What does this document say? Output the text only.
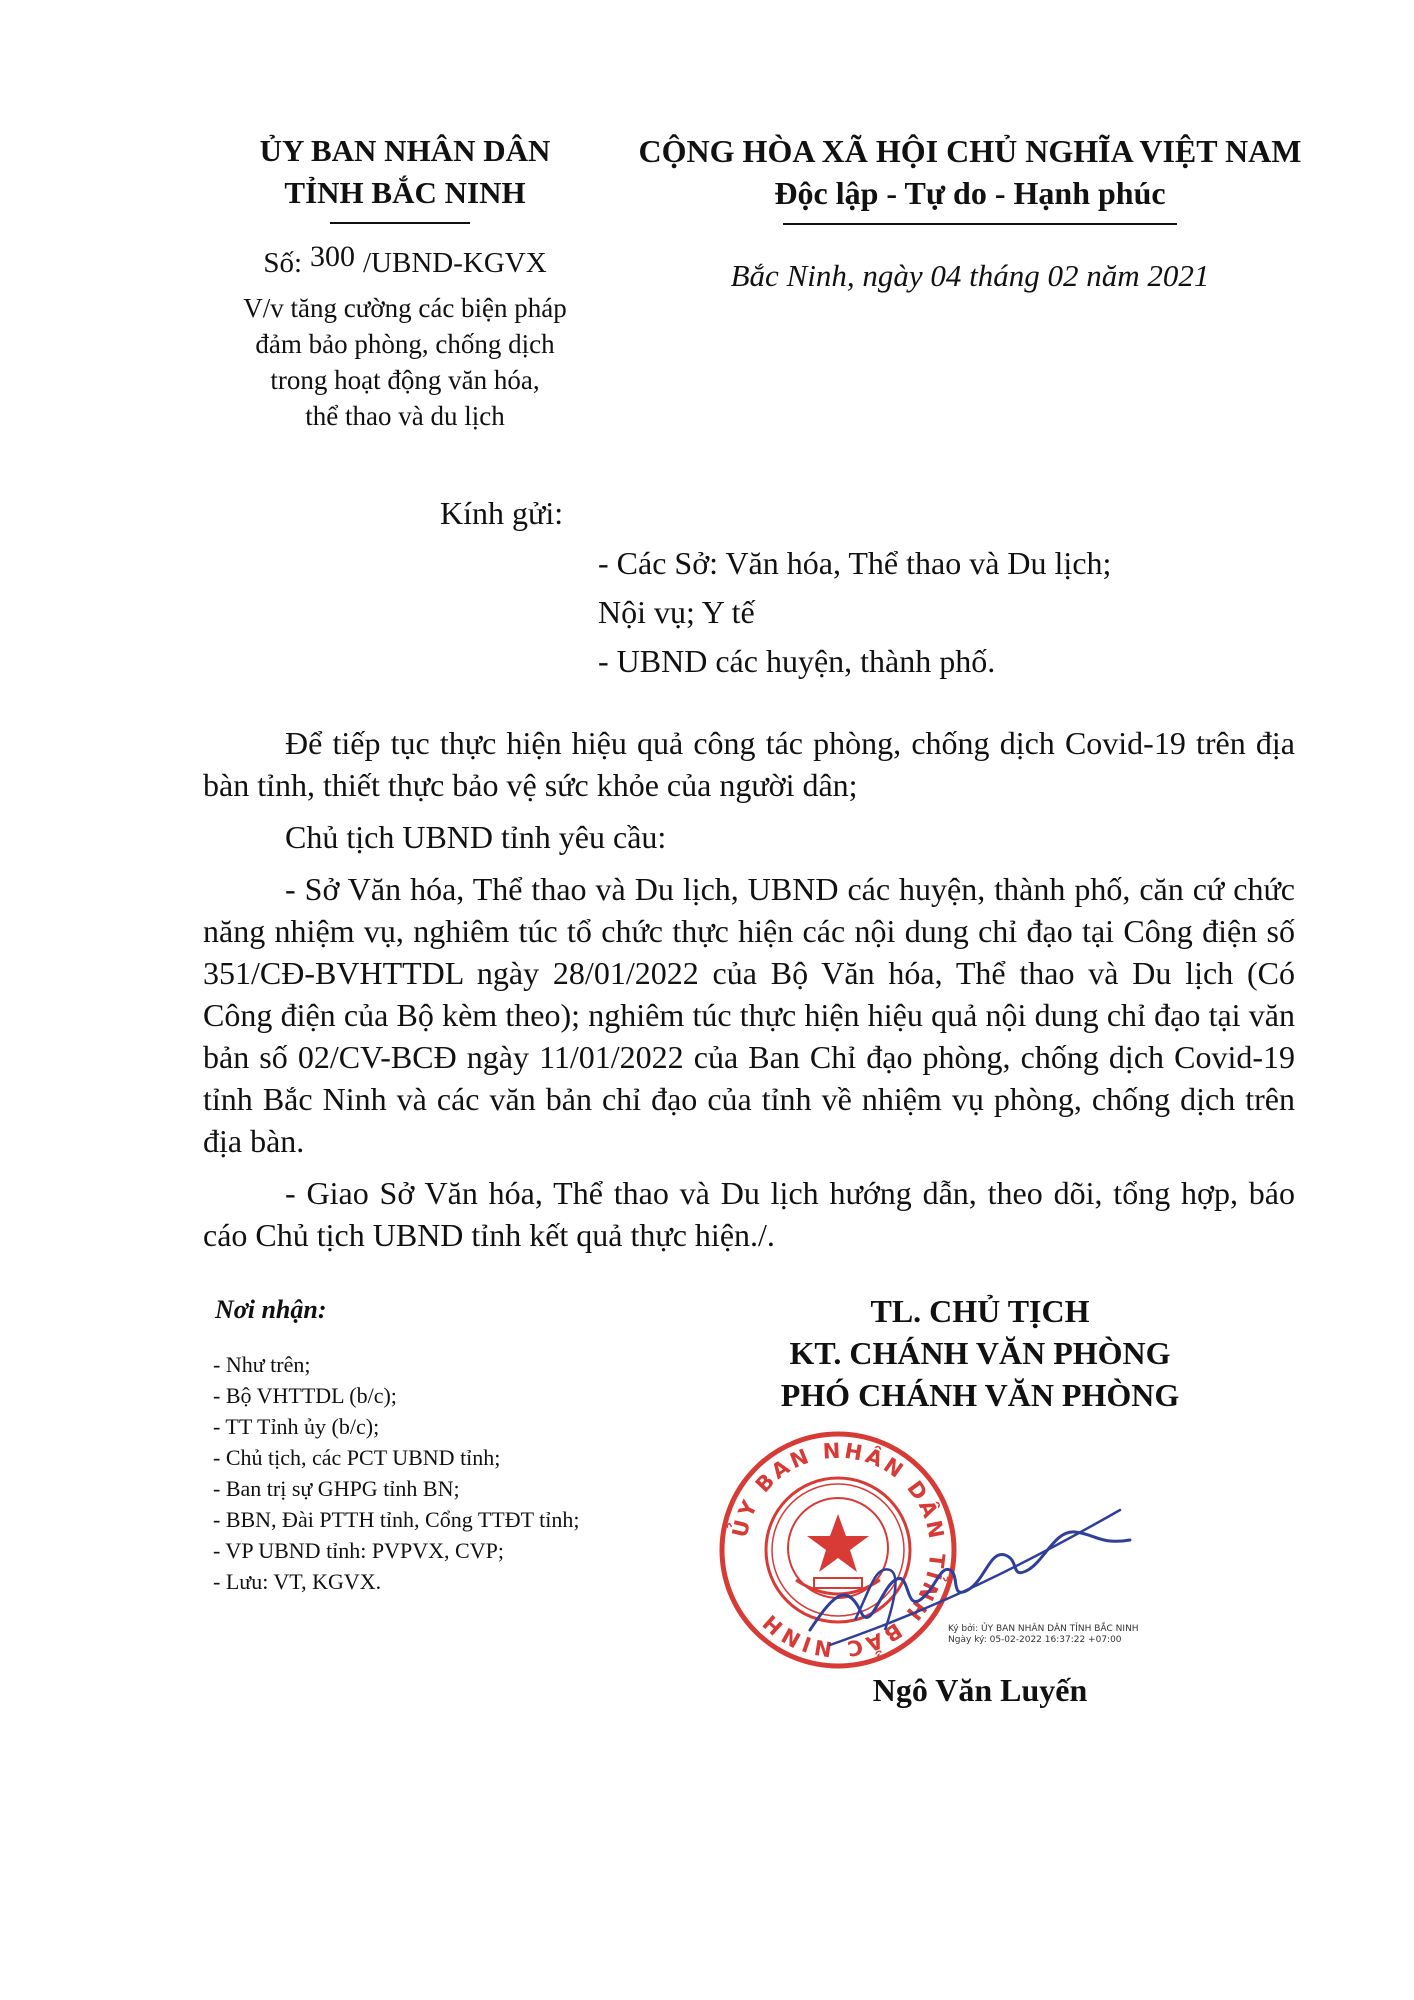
ỦY BAN NHÂN DÂN
TỈNH BẮC NINH
Số: 300 /UBND-KGVX
V/v tăng cường các biện pháp
đảm bảo phòng, chống dịch
trong hoạt động văn hóa,
thể thao và du lịch
CỘNG HÒA XÃ HỘI CHỦ NGHĨA VIỆT NAM
Độc lập - Tự do - Hạnh phúc
Bắc Ninh, ngày 04 tháng 02 năm 2021
Kính gửi:
- Các Sở: Văn hóa, Thể thao và Du lịch;
Nội vụ; Y tế
- UBND các huyện, thành phố.

Để tiếp tục thực hiện hiệu quả công tác phòng, chống dịch Covid-19 trên địa bàn tỉnh, thiết thực bảo vệ sức khỏe của người dân;

Chủ tịch UBND tỉnh yêu cầu:

- Sở Văn hóa, Thể thao và Du lịch, UBND các huyện, thành phố, căn cứ chức năng nhiệm vụ, nghiêm túc tổ chức thực hiện các nội dung chỉ đạo tại Công điện số 351/CĐ-BVHTTDL ngày 28/01/2022 của Bộ Văn hóa, Thể thao và Du lịch (Có Công điện của Bộ kèm theo); nghiêm túc thực hiện hiệu quả nội dung chỉ đạo tại văn bản số 02/CV-BCĐ ngày 11/01/2022 của Ban Chỉ đạo phòng, chống dịch Covid-19 tỉnh Bắc Ninh và các văn bản chỉ đạo của tỉnh về nhiệm vụ phòng, chống dịch trên địa bàn.

- Giao Sở Văn hóa, Thể thao và Du lịch hướng dẫn, theo dõi, tổng hợp, báo cáo Chủ tịch UBND tỉnh kết quả thực hiện./.

Nơi nhận:
- Như trên;
- Bộ VHTTDL (b/c);
- TT Tỉnh ủy (b/c);
- Chủ tịch, các PCT UBND tỉnh;
- Ban trị sự GHPG tỉnh BN;
- BBN, Đài PTTH tỉnh, Cổng TTĐT tỉnh;
- VP UBND tỉnh: PVPVX, CVP;
- Lưu: VT, KGVX.
TL. CHỦ TỊCH
KT. CHÁNH VĂN PHÒNG
PHÓ CHÁNH VĂN PHÒNG
ỦY BAN NHÂN DÂN TỈNH BẮC NINH	Ký bởi: ỦY BAN NHÂN DÂN TỈNH BẮC NINH
Ngày ký: 05-02-2022 16:37:22 +07:00
Ngô Văn Luyến
